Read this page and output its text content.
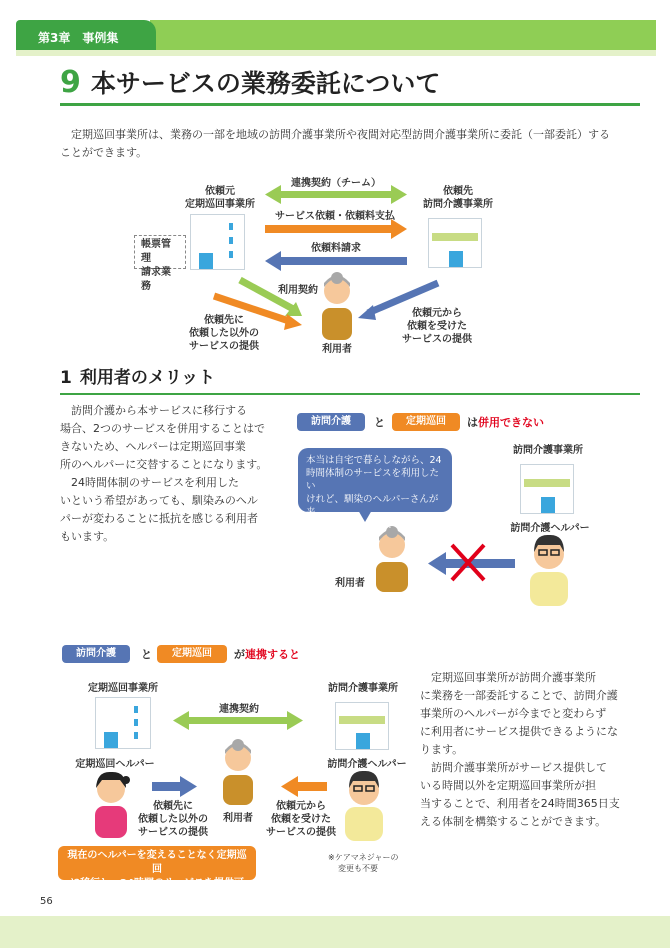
第3章　事例集
9 本サービスの業務委託について

定期巡回事業所は、業務の一部を地域の訪問介護事業所や夜間対応型訪問介護事業所に委託（一部委託）することができます。

依頼元
定期巡回事業所
依頼先
訪問介護事業所
連携契約（チーム）
サービス依頼・依頼料支払
依頼料請求
帳票管理
請求業務	利用契約
依頼先に
依頼した以外の
サービスの提供
依頼元から
依頼を受けた
サービスの提供
利用者
1 利用者のメリット
　訪問介護から本サービスに移行する
場合、2つのサービスを併用することはで
きないため、ヘルパーは定期巡回事業
所のヘルパーに交替することになります。
　24時間体制のサービスを利用した
いという希望があっても、馴染みのヘル
パーが変わることに抵抗を感じる利用者
もいます。
訪問介護	と	定期巡回	は 併用できない
本当は自宅で暮らしながら、24
時間体制のサービスを利用したい
けれど、馴染のヘルパーさんが来
なくなるのは不安…
訪問介護事業所
訪問介護ヘルパー
利用者
訪問介護	と	定期巡回	が 連携すると
定期巡回事業所	訪問介護事業所
連携契約
定期巡回ヘルパー	訪問介護ヘルパー
利用者
依頼先に
依頼した以外の
サービスの提供
依頼元から
依頼を受けた
サービスの提供
現在のヘルパーを変えることなく定期巡回
に移行し、24時間のサービスを提供可
※ケアマネジャーの
変更も不要
　定期巡回事業所が訪問介護事業所
に業務を一部委託することで、訪問介護
事業所のヘルパーが今までと変わらず
に利用者にサービス提供できるようにな
ります。
　訪問介護事業所がサービス提供して
いる時間以外を定期巡回事業所が担
当することで、利用者を24時間365日支
える体制を構築することができます。
56
